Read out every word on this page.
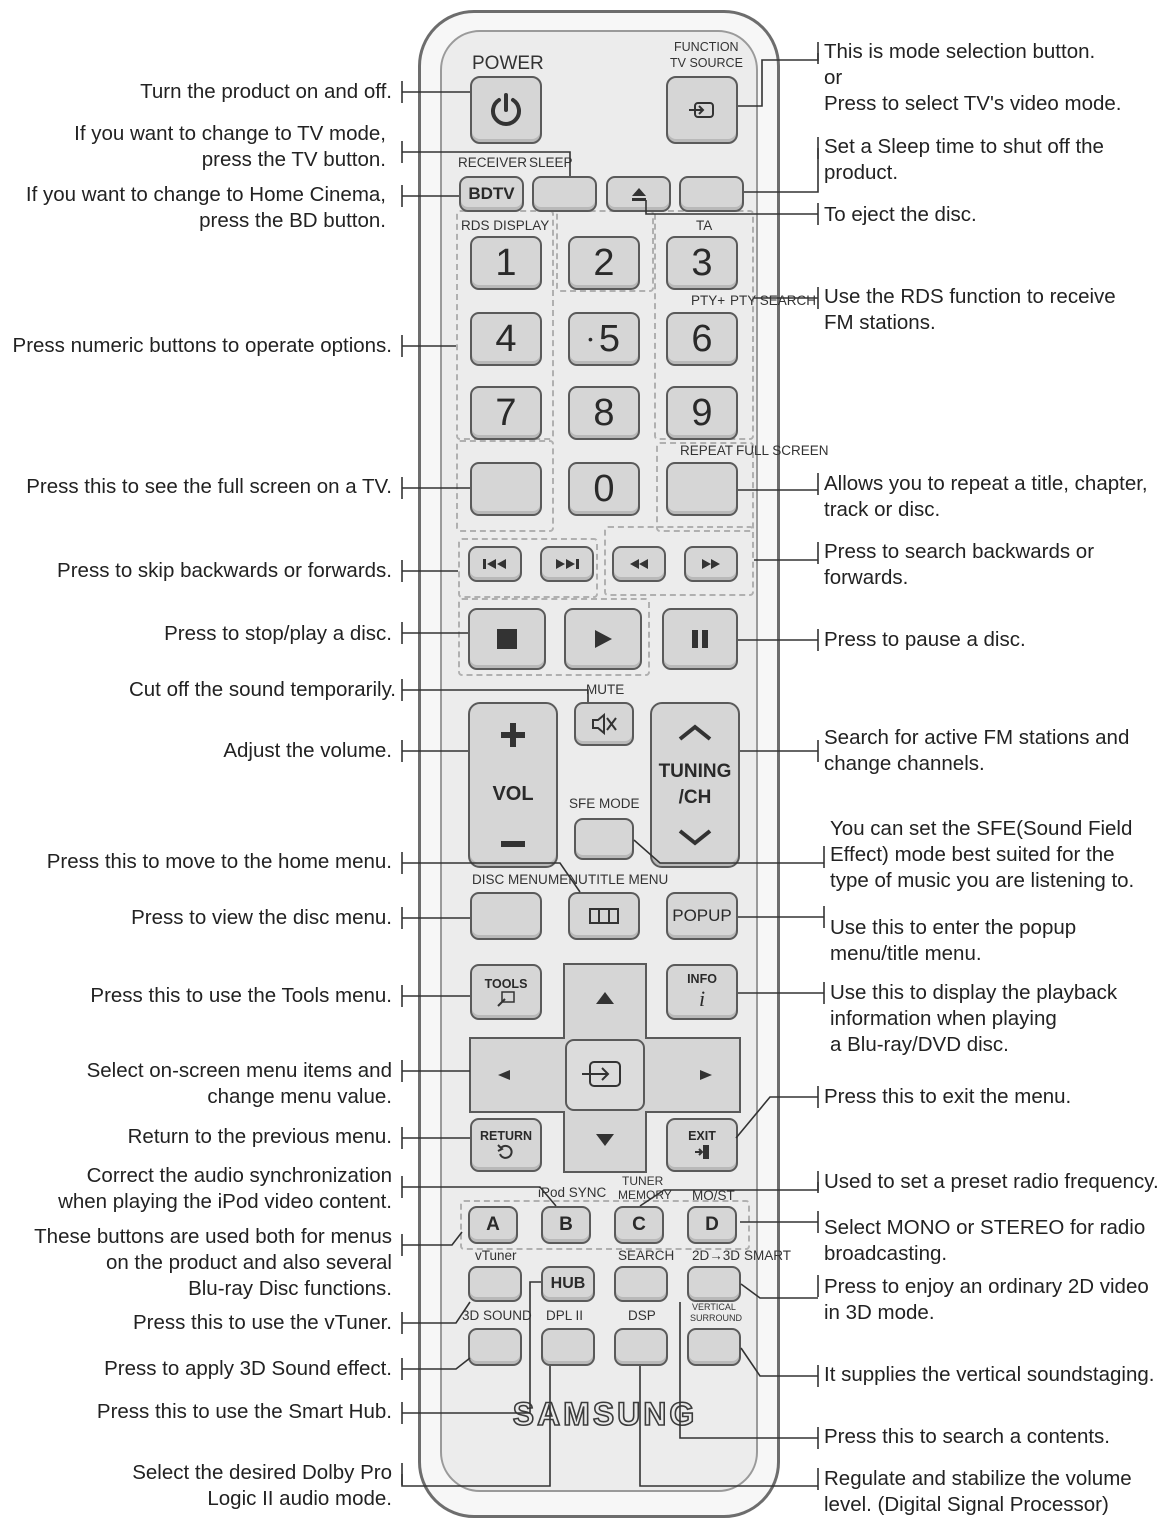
POWER
FUNCTION
TV SOURCE
RECEIVER SLEEP
BD TV
RDS DISPLAY	TA
PTY+ PTY SEARCH
1 2 3
4	• 5 6
7 8 9
REPEAT FULL SCREEN
0
MUTE
VOL
TUNING
/CH
SFE MODE
DISC MENU MENU TITLE MENU
POPUP
TOOLS	INFO
i
RETURN	EXIT
iPod SYNC
TUNER
MEMORY MO/ST
A	B	C	D
vTuner	SEARCH 2D→3D SMART
HUB
3D SOUND DPL II	DSP
VERTICAL
SURROUND
SAMSUNG
Turn the product on and off.
If you want to change to TV mode,
press the TV button.
If you want to change to Home Cinema,
press the BD button.
Press numeric buttons to operate options.
Press this to see the full screen on a TV.
Press to skip backwards or forwards.
Press to stop/play a disc.
Cut off the sound temporarily.
Adjust the volume.
Press this to move to the home menu.
Press to view the disc menu.
Press this to use the Tools menu.
Select on-screen menu items and
change menu value.
Return to the previous menu.
Correct the audio synchronization
when playing the iPod video content.
These buttons are used both for menus
on the product and also several
Blu-ray Disc functions.
Press this to use the vTuner.
Press to apply 3D Sound effect.
Press this to use the Smart Hub.
Select the desired Dolby Pro
Logic II audio mode.
This is mode selection button.
or
Press to select TV's video mode.
Set a Sleep time to shut off the
product.
To eject the disc.
Use the RDS function to receive
FM stations.
Allows you to repeat a title, chapter,
track or disc.
Press to search backwards or
forwards.
Press to pause a disc.
Search for active FM stations and
change channels.
You can set the SFE(Sound Field
Effect) mode best suited for the
type of music you are listening to.
Use this to enter the popup
menu/title menu.
Use this to display the playback
information when playing
a Blu-ray/DVD disc.
Press this to exit the menu.
Used to set a preset radio frequency.
Select MONO or STEREO for radio
broadcasting.
Press to enjoy an ordinary 2D video
in 3D mode.
It supplies the vertical soundstaging.
Press this to search a contents.
Regulate and stabilize the volume
level. (Digital Signal Processor)
